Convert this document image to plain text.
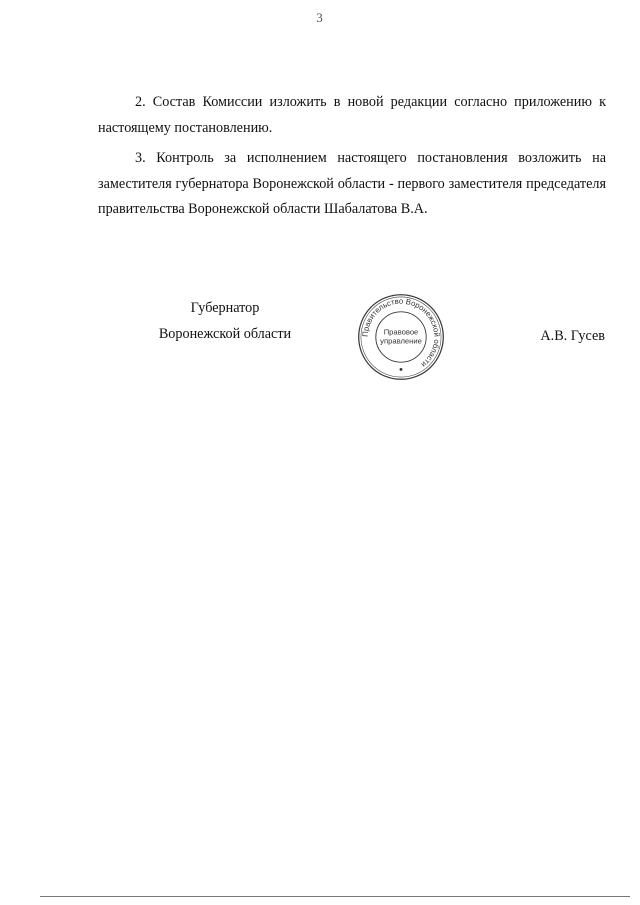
3

2. Состав Комиссии изложить в новой редакции согласно приложению к настоящему постановлению.

3. Контроль за исполнением настоящего постановления возложить на заместителя губернатора Воронежской области - первого заместителя председателя правительства Воронежской области Шабалатова В.А.

Губернатор
Воронежской области	Правительство Воронежской области
Правовое
управление	А.В. Гусев
